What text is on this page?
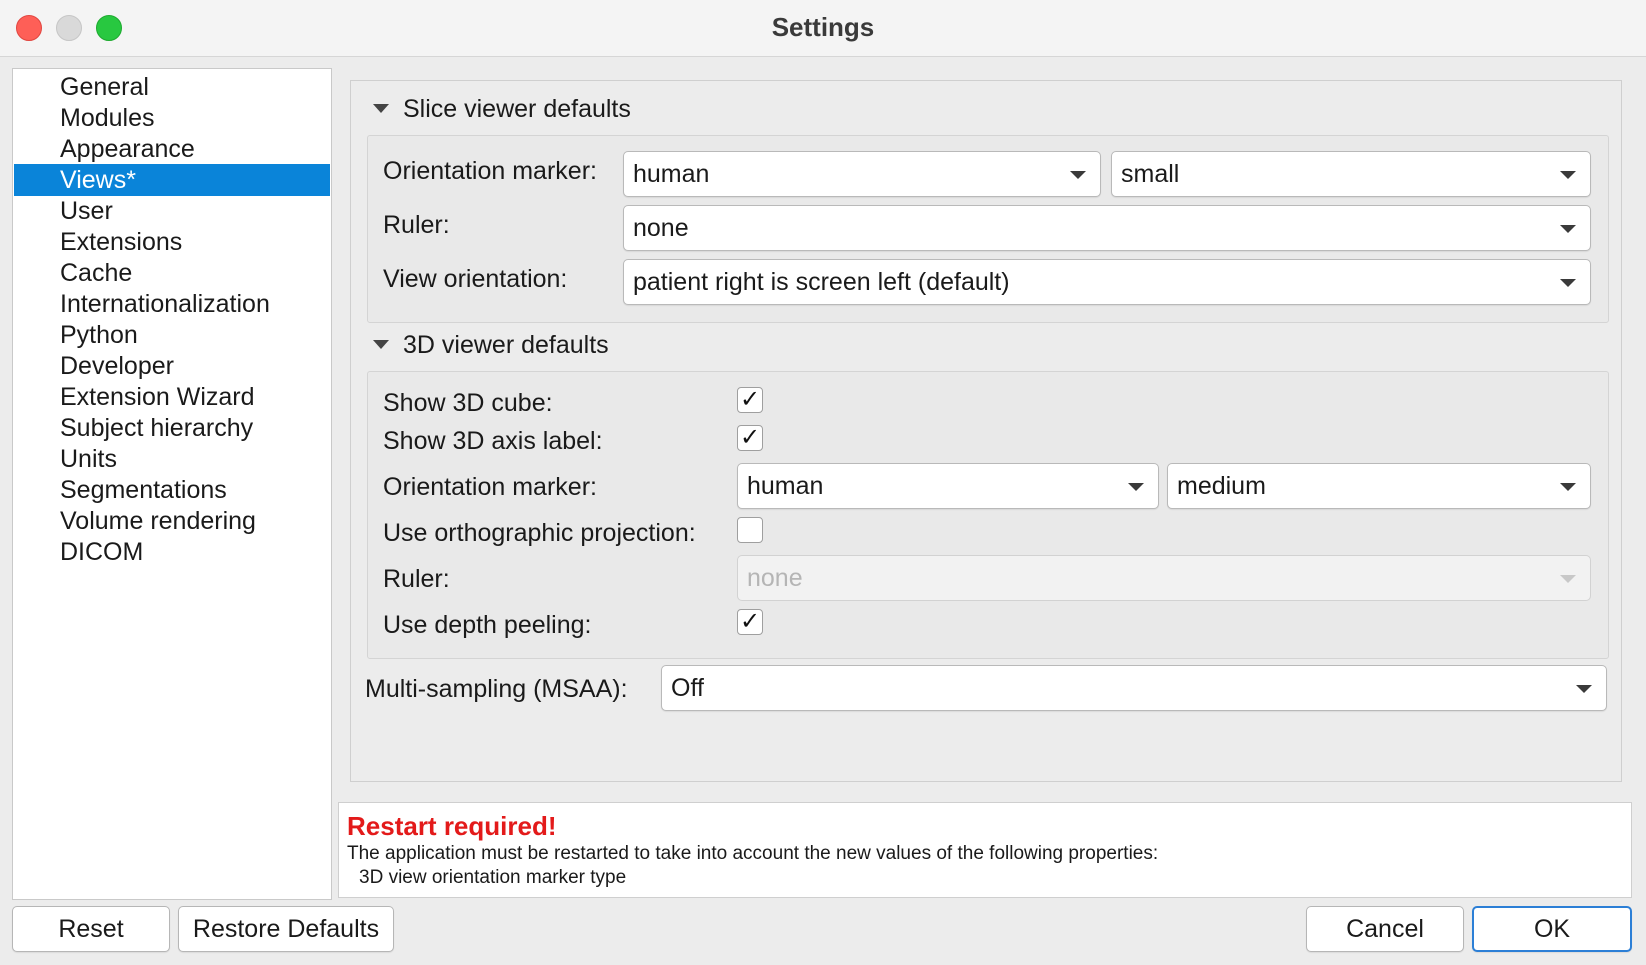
Settings
General
Modules
Appearance
Views*
User
Extensions
Cache
Internationalization
Python
Developer
Extension Wizard
Subject hierarchy
Units
Segmentations
Volume rendering
DICOM
Slice viewer defaults
Orientation marker: human	small
Ruler:	none
View orientation:	patient right is screen left (default)
3D viewer defaults
Show 3D cube:	✓
Show 3D axis label:	✓
Orientation marker:	human	medium
Use orthographic projection:
Ruler:	none
Use depth peeling:	✓
Multi-sampling (MSAA): Off
Restart required!
The application must be restarted to take into account the new values of the following properties:
3D view orientation marker type
Reset	Restore Defaults	Cancel	OK
